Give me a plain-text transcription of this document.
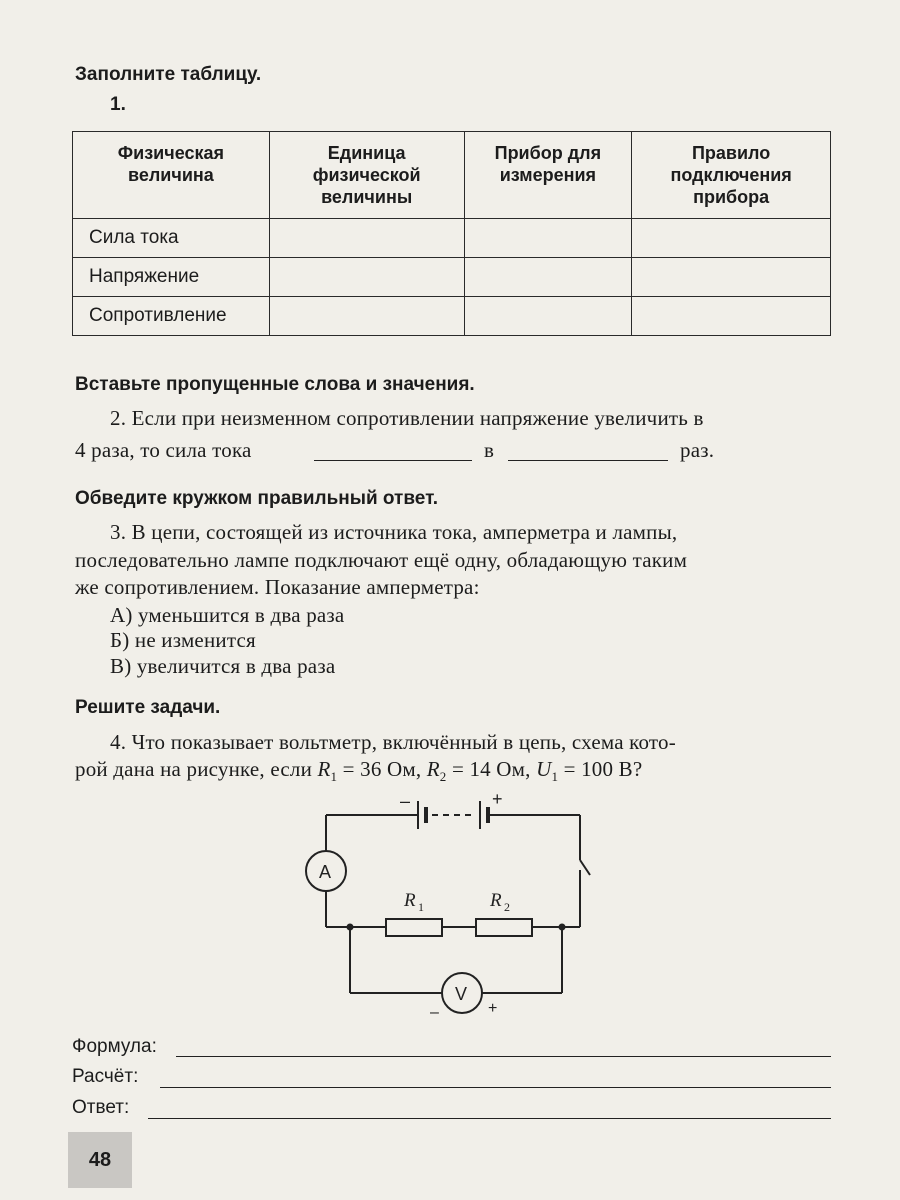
Заполните таблицу.
1.
Физическая величина	Единица физической величины	Прибор для измерения	Правило подключения прибора
Сила тока			
Напряжение			
Сопротивление			
Вставьте пропущенные слова и значения.
2. Если при неизменном сопротивлении напряжение увеличить в
4 раза, то сила тока	в	раз.
Обведите кружком правильный ответ.
3. В цепи, состоящей из источника тока, амперметра и лампы,
последовательно лампе подключают ещё одну, обладающую таким
же сопротивлением. Показание амперметра:
А) уменьшится в два раза
Б) не изменится
В) увеличится в два раза
Решите задачи.
4. Что показывает вольтметр, включённый в цепь, схема кото-
рой дана на рисунке, если $R_1 = 36$ Ом, $R_2 = 14$ Ом, $U_1 = 100$ В?
–	+
A
V
–	+
R 1	R 2
Формула:
Расчёт:
Ответ:
48
